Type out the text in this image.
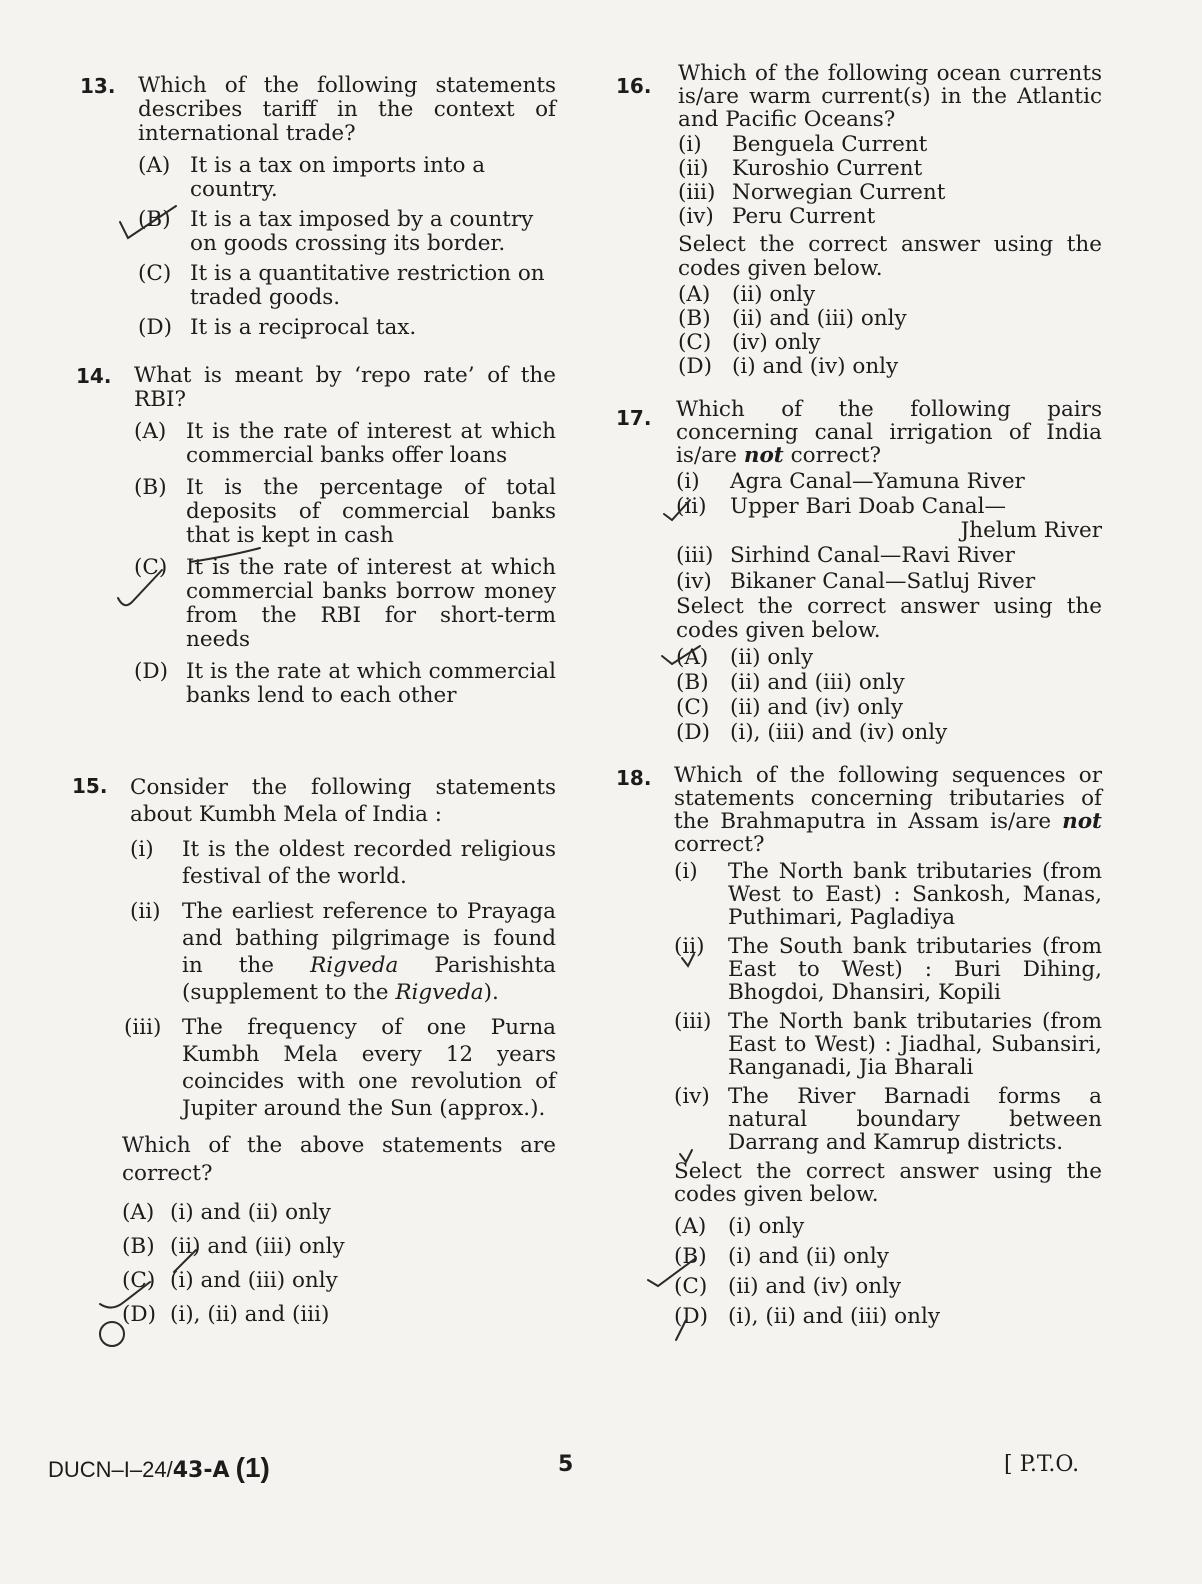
13. Which of the following statements describes tariff in the context of international trade?
(A) It is a tax on imports into a country.
(B) It is a tax imposed by a country on goods crossing its border.
(C) It is a quantitative restriction on traded goods.
(D) It is a reciprocal tax.
14. What is meant by ‘repo rate’ of the RBI?
(A) It is the rate of interest at which commercial banks offer loans
(B) It is the percentage of total deposits of commercial banks that is kept in cash
(C) It is the rate of interest at which commercial banks borrow money from the RBI for short-term needs
(D) It is the rate at which commercial banks lend to each other
15. Consider the following statements about Kumbh Mela of India :
(i) It is the oldest recorded religious festival of the world.
(ii) The earliest reference to Prayaga and bathing pilgrimage is found in the Rigveda Parishishta (supplement to the Rigveda).
(iii) The frequency of one Purna Kumbh Mela every 12 years coincides with one revolution of Jupiter around the Sun (approx.).
Which of the above statements are correct?
(A) (i) and (ii) only
(B) (ii) and (iii) only
(C) (i) and (iii) only
(D) (i), (ii) and (iii)
16. Which of the following ocean currents is/are warm current(s) in the Atlantic and Pacific Oceans?
(i) Benguela Current
(ii) Kuroshio Current
(iii) Norwegian Current
(iv) Peru Current
Select the correct answer using the codes given below.
(A) (ii) only
(B) (ii) and (iii) only
(C) (iv) only
(D) (i) and (iv) only
17. Which of the following pairs concerning canal irrigation of India is/are not correct?
(i) Agra Canal—Yamuna River
(ii) Upper Bari Doab Canal—
Jhelum River
(iii) Sirhind Canal—Ravi River
(iv) Bikaner Canal—Satluj River
Select the correct answer using the codes given below.
(A) (ii) only
(B) (ii) and (iii) only
(C) (ii) and (iv) only
(D) (i), (iii) and (iv) only
18. Which of the following sequences or statements concerning tributaries of the Brahmaputra in Assam is/are not correct?
(i) The North bank tributaries (from West to East) : Sankosh, Manas, Puthimari, Pagladiya
(ii) The South bank tributaries (from East to West) : Buri Dihing, Bhogdoi, Dhansiri, Kopili
(iii) The North bank tributaries (from East to West) : Jiadhal, Subansiri, Ranganadi, Jia Bharali
(iv) The River Barnadi forms a natural boundary between Darrang and Kamrup districts.
Select the correct answer using the codes given below.
(A) (i) only
(B) (i) and (ii) only
(C) (ii) and (iv) only
(D) (i), (ii) and (iii) only
DUCN–I–24/43-A (1)	5	[ P.T.O.
